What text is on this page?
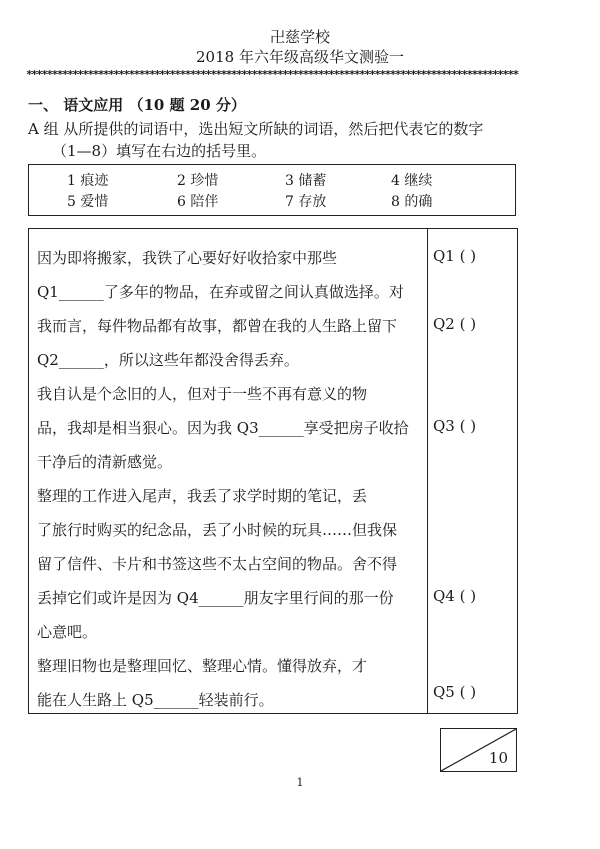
卍慈学校
2018 年六年级高级华文测验一
************************************************************************************************
一、 语文应用 （10 题 20 分）
A 组 从所提供的词语中，选出短文所缺的词语，然后把代表它的数字
（1—8）填写在右边的括号里。
1 痕迹	2 珍惜	3 储蓄	4 继续
5 爱惜	6 陪伴	7 存放	8 的确
因为即将搬家，我铁了心要好好收拾家中那些
Q1______了多年的物品，在弃或留之间认真做选择。对
我而言，每件物品都有故事，都曾在我的人生路上留下
Q2______，所以这些年都没舍得丢弃。
我自认是个念旧的人，但对于一些不再有意义的物
品，我却是相当狠心。因为我 Q3______享受把房子收拾
干净后的清新感觉。
整理的工作进入尾声，我丢了求学时期的笔记，丢
了旅行时购买的纪念品，丢了小时候的玩具……但我保
留了信件、卡片和书签这些不太占空间的物品。舍不得
丢掉它们或许是因为 Q4______朋友字里行间的那一份
心意吧。
整理旧物也是整理回忆、整理心情。懂得放弃，才
能在人生路上 Q5______轻装前行。
Q1 ( )
Q2 ( )
Q3 ( )
Q4 ( )
Q5 ( )
10
1
